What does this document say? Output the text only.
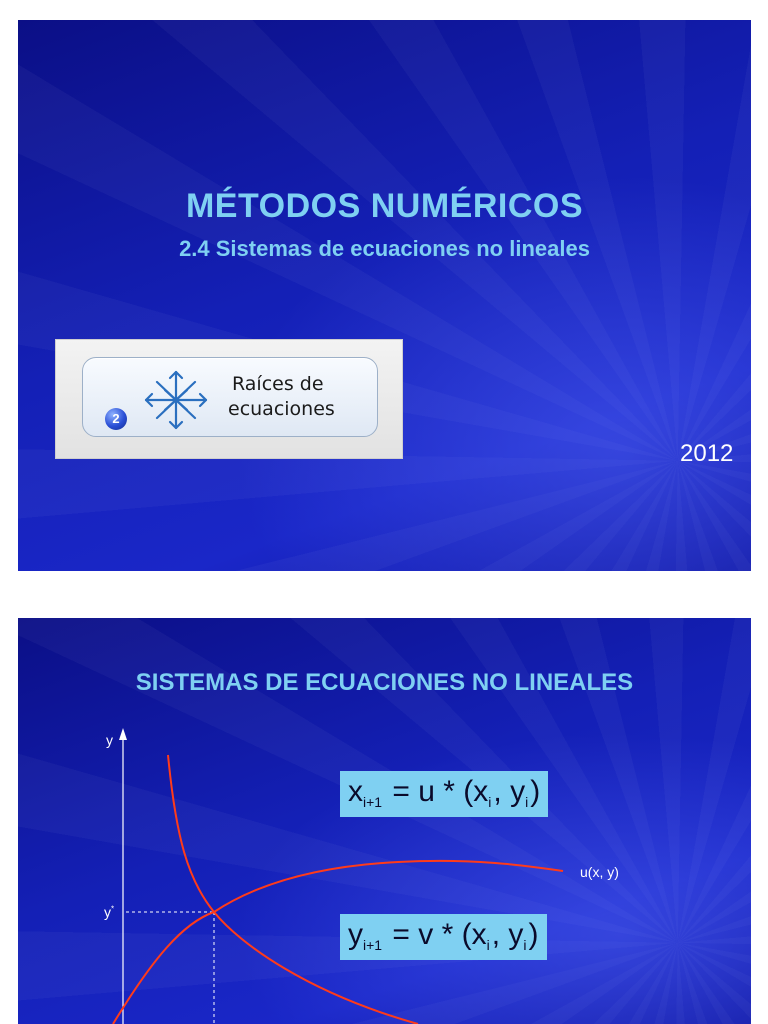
MÉTODOS NUMÉRICOS
2.4 Sistemas de ecuaciones no lineales
2
Raíces de
ecuaciones
2012
SISTEMAS DE ECUACIONES NO LINEALES
y
y*
u(x, y)
$x_{i+1} = u * (x_i$, $y_i$)
$y_{i+1} = v * (x_i$, $y_i$)
